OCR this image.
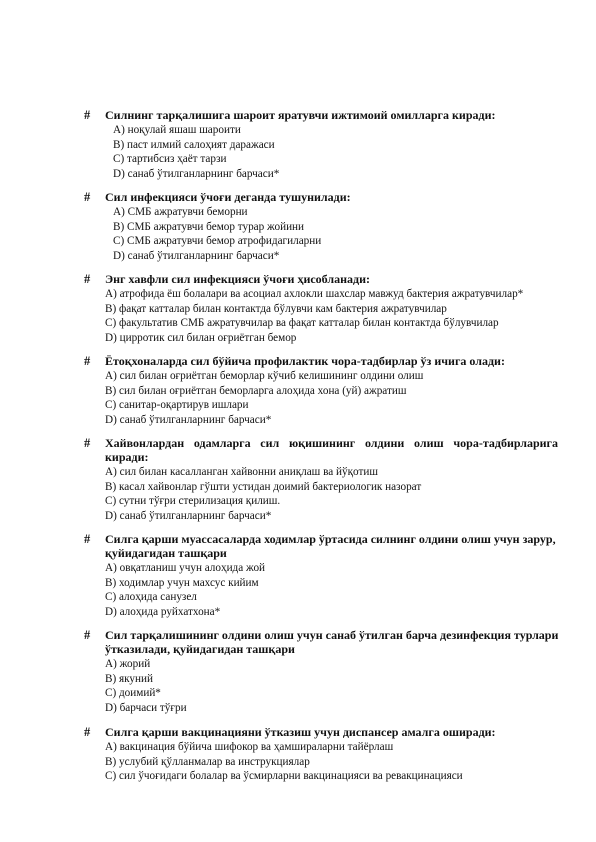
# Силнинг тарқалишига шароит яратувчи ижтимоий омилларга киради:
А) ноқулай яшаш шароити
В) паст илмий салоҳият даражаси
С) тартибсиз ҳаёт тарзи
D) санаб ўтилганларнинг барчаси*
# Сил инфекцияси ўчоғи деганда тушунилади:
А) СМБ ажратувчи беморни
В) СМБ ажратувчи бемор турар жойини
С) СМБ ажратувчи бемор атрофидагиларни
D) санаб ўтилганларнинг барчаси*
# Энг хавфли сил инфекцияси ўчоғи ҳисобланади:
А) атрофида ёш болалари ва асоциал ахлокли шахслар мавжуд бактерия ажратувчилар*
В) фақат катталар билан контактда бўлувчи кам бактерия ажратувчилар
С) факультатив СМБ ажратувчилар ва фақат катталар билан контактда бўлувчилар
D) цирротик сил билан оғриётган бемор
# Ётоқхоналарда сил бўйича профилактик чора-тадбирлар ўз ичига олади:
А) сил билан оғриётган беморлар кўчиб келишининг олдини олиш
В) сил билан оғриётган беморларга алоҳида хона (уй) ажратиш
С) санитар-оқартирув ишлари
D) санаб ўтилганларнинг барчаси*
# Хайвонлардан одамларга сил юқишининг олдини олиш чора-тадбирларига
киради:
А) сил билан касалланган хайвонни аниқлаш ва йўқотиш
В) касал хайвонлар гўшти устидан доимий бактериологик назорат
С) сутни тўғри стерилизация қилиш.
D) санаб ўтилганларнинг барчаси*
# Силга қарши муассасаларда ходимлар ўртасида силнинг олдини олиш учун зарур,
қуйидагидан ташқари
А) овқатланиш учун алоҳида жой
В) ходимлар учун махсус кийим
С) алоҳида санузел
D) алоҳида руйхатхона*
# Сил тарқалишининг олдини олиш учун санаб ўтилган барча дезинфекция турлари
ўтказилади, қуйидагидан ташқари
А) жорий
В) якуний
С) доимий*
D) барчаси тўғри
# Силга қарши вакцинацияни ўтказиш учун диспансер амалга оширади:
А) вакцинация бўйича шифокор ва ҳамшираларни тайёрлаш
В) услубий қўлланмалар ва инструкциялар
С) сил ўчоғидаги болалар ва ўсмирларни вакцинацияси ва ревакцинацияси
